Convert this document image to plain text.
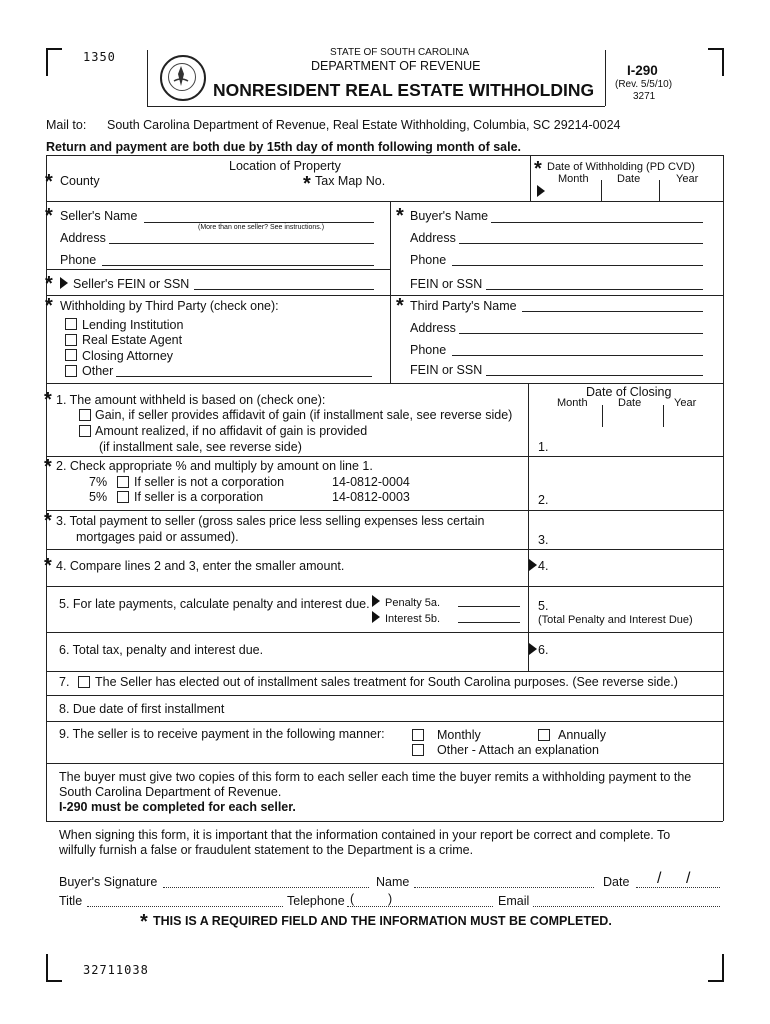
1350	STATE OF SOUTH CAROLINA
DEPARTMENT OF REVENUE
NONRESIDENT REAL ESTATE WITHHOLDING
I-290
(Rev. 5/5/10)
3271
Mail to: South Carolina Department of Revenue, Real Estate Withholding, Columbia, SC 29214-0024
Return and payment are both due by 15th day of month following month of sale.
Location of Property
* County	* Tax Map No.
* Date of Withholding (PD CVD)
Month	Date	Year
* Seller's Name
(More than one seller? See instructions.)
Address
Phone
* Seller's FEIN or SSN
* Buyer's Name
Address
Phone
FEIN or SSN
* Withholding by Third Party (check one):
Lending Institution
Real Estate Agent
Closing Attorney
Other
* Third Party's Name
Address
Phone
FEIN or SSN
Date of Closing
Month	Date	Year
* 1. The amount withheld is based on (check one):
Gain, if seller provides affidavit of gain (if installment sale, see reverse side)
Amount realized, if no affidavit of gain is provided
(if installment sale, see reverse side)	1.
* 2. Check appropriate % and multiply by amount on line 1.
7% If seller is not a corporation	14-0812-0004
5% If seller is a corporation	14-0812-0003	2.
* 3. Total payment to seller (gross sales price less selling expenses less certain
mortgages paid or assumed).	3.
* 4. Compare lines 2 and 3, enter the smaller amount.	4.
5. For late payments, calculate penalty and interest due. Penalty 5a.
Interest 5b.
5.
(Total Penalty and Interest Due)
6. Total tax, penalty and interest due.	6.
7. The Seller has elected out of installment sales treatment for South Carolina purposes. (See reverse side.)
8. Due date of first installment
9. The seller is to receive payment in the following manner:	Monthly	Annually
Other - Attach an explanation
The buyer must give two copies of this form to each seller each time the buyer remits a withholding payment to the
South Carolina Department of Revenue.
I-290 must be completed for each seller.
When signing this form, it is important that the information contained in your report be correct and complete. To
wilfully furnish a false or fraudulent statement to the Department is a crime.
Buyer's Signature	Name	Date / /
Title	Telephone (	)	Email
* THIS IS A REQUIRED FIELD AND THE INFORMATION MUST BE COMPLETED.
32711038
